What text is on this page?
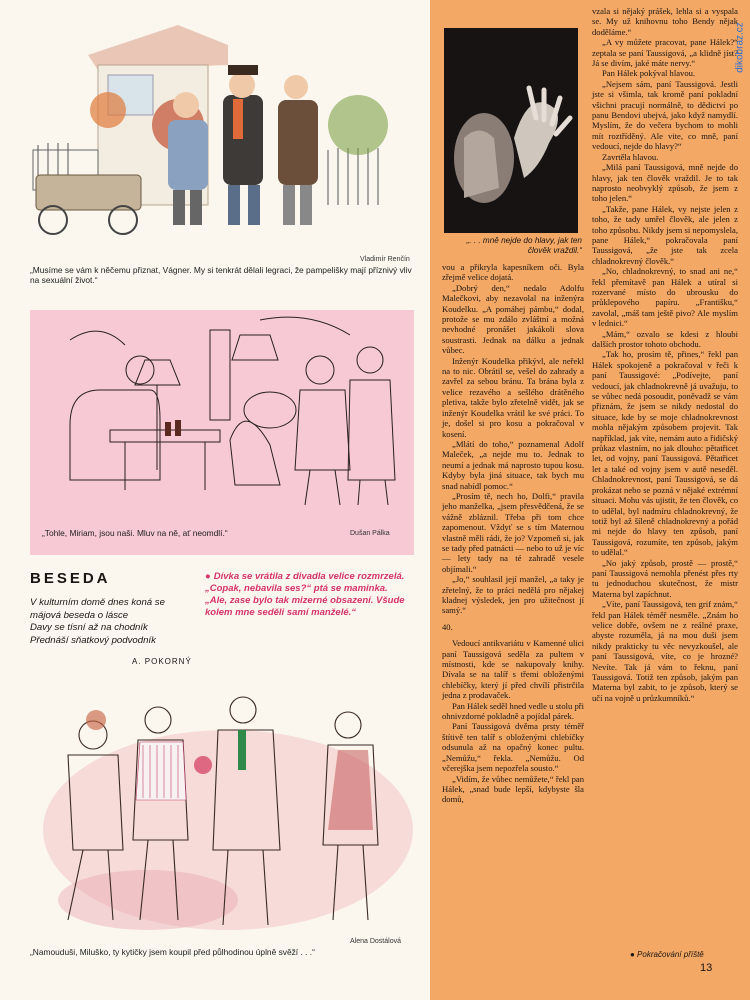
Vladimír Renčín
„Musíme se vám k něčemu přiznat, Vágner. My si tenkrát dělali legraci, že pampelišky mají příznivý vliv na sexuální život.“
„Tohle, Miriam, jsou naši. Mluv na ně, ať neomdlí.“	Dušan Pálka
BESEDA
V kulturním domě dnes koná se
májová beseda o lásce
Davy se tísní až na chodník
Přednáší sňatkový podvodník
A. POKORNÝ
● Dívka se vrátila z divadla velice rozmrzelá.
„Copak, nebavila ses?“ ptá se maminka.
„Ale, zase bylo tak mizerné obsazení. Všude kolem mne seděli samí manželé.“
Alena Dostálová
„Namouduši, Miluško, ty kytičky jsem koupil před půlhodinou úplně svěží . . .“
„. . . mně nejde do hlavy, jak ten člověk vraždil.“

vou a přikryla kapesníkem oči. Byla zřejmě velice dojatá.

„Dobrý den,“ nedalo Adolfu Malečkovi, aby nezavolal na inženýra Koudelku. „A pomáhej pámbu,“ dodal, protože se mu zdálo zvláštní a možná nevhodné pronášet jakákoli slova soustrasti. Jednak na dálku a jednak vůbec.

Inženýr Koudelka přikývl, ale neřekl na to nic. Obrátil se, vešel do zahrady a zavřel za sebou bránu. Ta brána byla z velice rezavého a sešlého drátěného pletiva, takže bylo zřetelně vidět, jak se inženýr Koudelka vrátil ke své práci. To je, došel si pro kosu a pokračoval v kosení.

„Mlátí do toho,“ poznamenal Adolf Maleček, „a nejde mu to. Jednak to neumí a jednak má naprosto tupou kosu. Kdyby byla jiná situace, tak bych mu snad nabídl pomoc.“

„Prosím tě, nech ho, Dolfi,“ pravila jeho manželka, „jsem přesvědčená, že se vážně zbláznil. Třeba při tom chce zapomenout. Vždyť se s tím Maternou vlastně měli rádi, že jo? Vzpomeň si, jak se tady před patnácti — nebo to už je víc — lety tady na té zahradě vesele objímali.“

„Jo,“ souhlasil její manžel, „a taky je zřetelný, že to práci nedělá pro nějakej kladnej výsledek, jen pro užitečnost jí samý.“

40.

Vedoucí antikvariátu v Kamenné ulici paní Taussigová seděla za pultem v místnosti, kde se nakupovaly knihy. Dívala se na talíř s třemi obloženými chlebíčky, který jí před chvílí přistrčila jedna z prodavaček.

Pan Hálek seděl hned vedle u stolu při ohnivzdorné pokladně a pojídal párek.

Paní Taussigová dvěma prsty téměř štítivě ten talíř s obloženými chlebíčky odsunula až na opačný konec pultu. „Nemůžu,“ řekla. „Nemůžu. Od včerejška jsem nepozřela sousto.“

„Vidím, že vůbec nemůžete,“ řekl pan Hálek, „snad bude lepší, kdybyste šla domů,

vzala si nějaký prášek, lehla si a vyspala se. My už knihovnu toho Bendy nějak doděláme.“

„A vy můžete pracovat, pane Hálek?“ zeptala se paní Taussigová, „a klidně jíst? Já se divím, jaké máte nervy.“

Pan Hálek pokýval hlavou.

„Nejsem sám, paní Taussigová. Jestli jste si všimla, tak kromě paní pokladní všichni pracují normálně, to dědictví po panu Bendovi ubejvá, jako když namydlí. Myslím, že do večera bychom to mohli mít roztříděný. Ale vite, co mně, paní vedoucí, nejde do hlavy?“

Zavrtěla hlavou.

„Milá paní Taussigová, mně nejde do hlavy, jak ten člověk vraždil. Je to tak naprosto neobvyklý způsob, že jsem z toho jelen.“

„Takže, pane Hálek, vy nejste jelen z toho, že tady umřel člověk, ale jelen z toho způsobu. Nikdy jsem si nepomyslela, pane Hálek,“ pokračovala paní Taussigová, „že jste tak zcela chladnokrevný člověk.“

„No, chladnokrevný, to snad ani ne,“ řekl přemítavě pan Hálek a utíral si rozervané místo do ubrousku do průklepového papíru. „Františku,“ zavolal, „máš tam ještě pivo? Ale myslím v lednici.“

„Mám,“ ozvalo se kdesi z hloubi dalších prostor tohoto obchodu.

„Tak ho, prosím tě, přines,“ řekl pan Hálek spokojeně a pokračoval v řeči k paní Taussigové: „Podívejte, paní vedoucí, jak chladnokrevně já uvažuju, to se vůbec nedá posoudit, poněvadž se vám přiznám, že jsem se nikdy nedostal do situace, kde by se moje chladnokrevnost mohla nějakým způsobem projevit. Tak například, jak víte, nemám auto a řidičský průkaz vlastním, no jak dlouho: pětatřicet let, od vojny, paní Taussigová. Pětatřicet let a také od vojny jsem v autě neseděl. Chladnokrevnost, paní Taussigová, se dá prokázat nebo se pozná v nějaké extrémní situaci. Mohu vás ujistit, že ten člověk, co to udělal, byl nadmíru chladnokrevný, že totiž byl až šíleně chladnokrevný a pořád mi nejde do hlavy ten způsob, paní Taussigová, rozumíte, ten způsob, jakým to udělal.“

„No jaký způsob, prostě — prostě,“ paní Taussigová nemohla přenést přes rty tu jednoduchou skutečnost, že mistr Materna byl zapíchnut.

„Víte, paní Taussigová, ten grif znám,“ řekl pan Hálek téměř nesměle. „Znám ho velice dobře, ovšem ne z reálné praxe, abyste rozuměla, já na mou duši jsem nikdy prakticky tu věc nevyzkoušel, ale paní Taussigová, víte, co je hrozné? Nevíte. Tak já vám to řeknu, paní Taussigová. Totiž ten způsob, jakým pan Materna byl zabit, to je způsob, který se učí na vojně u průzkumníků.“

● Pokračování příště
13
dikobraz.cz
